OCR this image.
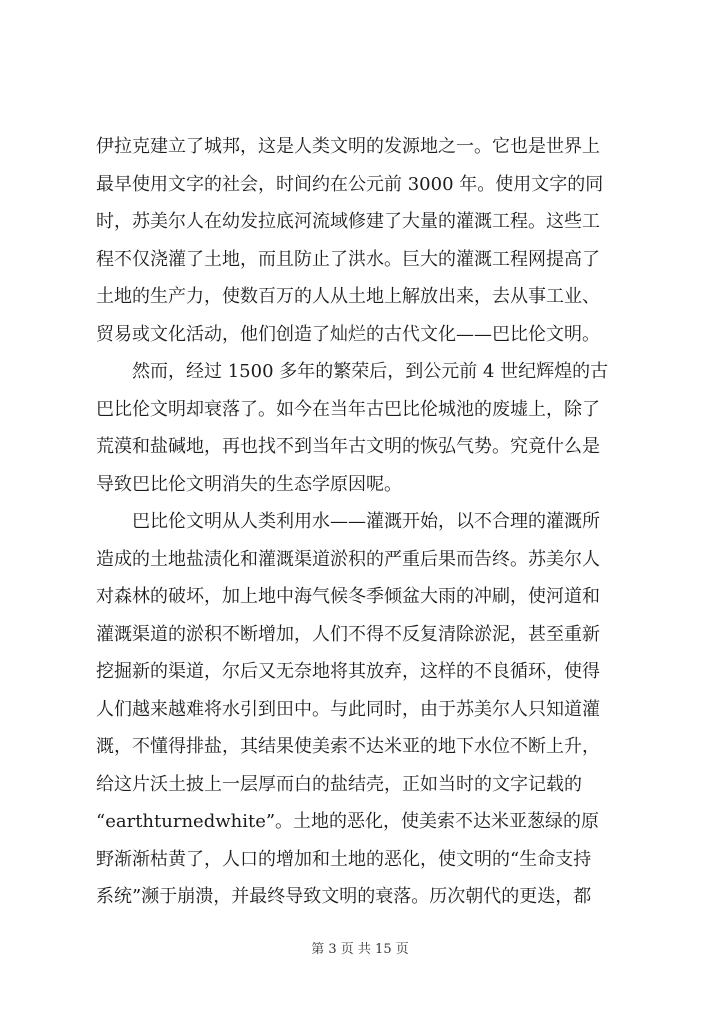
伊拉克建立了城邦，这是人类文明的发源地之一。它也是世界上
最早使用文字的社会，时间约在公元前 3000 年。使用文字的同
时，苏美尔人在幼发拉底河流域修建了大量的灌溉工程。这些工
程不仅浇灌了土地，而且防止了洪水。巨大的灌溉工程网提高了
土地的生产力，使数百万的人从土地上解放出来，去从事工业、
贸易或文化活动，他们创造了灿烂的古代文化——巴比伦文明。
　　然而，经过 1500 多年的繁荣后，到公元前 4 世纪辉煌的古
巴比伦文明却衰落了。如今在当年古巴比伦城池的废墟上，除了
荒漠和盐碱地，再也找不到当年古文明的恢弘气势。究竟什么是
导致巴比伦文明消失的生态学原因呢。
　　巴比伦文明从人类利用水——灌溉开始，以不合理的灌溉所
造成的土地盐渍化和灌溉渠道淤积的严重后果而告终。苏美尔人
对森林的破坏，加上地中海气候冬季倾盆大雨的冲刷，使河道和
灌溉渠道的淤积不断增加，人们不得不反复清除淤泥，甚至重新
挖掘新的渠道，尔后又无奈地将其放弃，这样的不良循环，使得
人们越来越难将水引到田中。与此同时，由于苏美尔人只知道灌
溉，不懂得排盐，其结果使美索不达米亚的地下水位不断上升，
给这片沃土披上一层厚而白的盐结壳，正如当时的文字记载的
“earthturnedwhite”。土地的恶化，使美索不达米亚葱绿的原
野渐渐枯黄了，人口的增加和土地的恶化，使文明的“生命支持
系统”濒于崩溃，并最终导致文明的衰落。历次朝代的更迭，都
第 3 页 共 15 页
